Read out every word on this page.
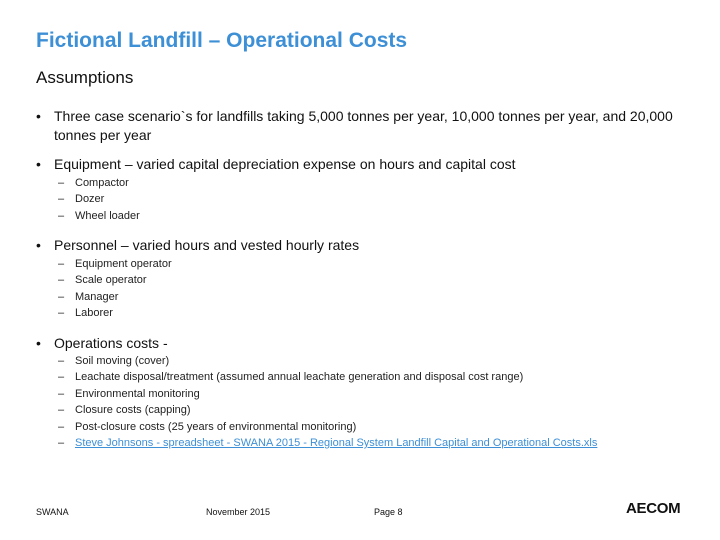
Fictional Landfill – Operational Costs
Assumptions
• Three case scenario`s for landfills taking 5,000 tonnes per year, 10,000 tonnes per year, and 20,000 tonnes per year
• Equipment – varied capital depreciation expense on hours and capital cost
– Compactor
– Dozer
– Wheel loader
• Personnel – varied hours and vested hourly rates
– Equipment operator
– Scale operator
– Manager
– Laborer
• Operations costs -
– Soil moving (cover)
– Leachate disposal/treatment (assumed annual leachate generation and disposal cost range)
– Environmental monitoring
– Closure costs (capping)
– Post-closure costs (25 years of environmental monitoring)
– Steve Johnsons - spreadsheet - SWANA 2015 - Regional System Landfill Capital and Operational Costs.xls
SWANA	November 2015	Page 8	AECOM
